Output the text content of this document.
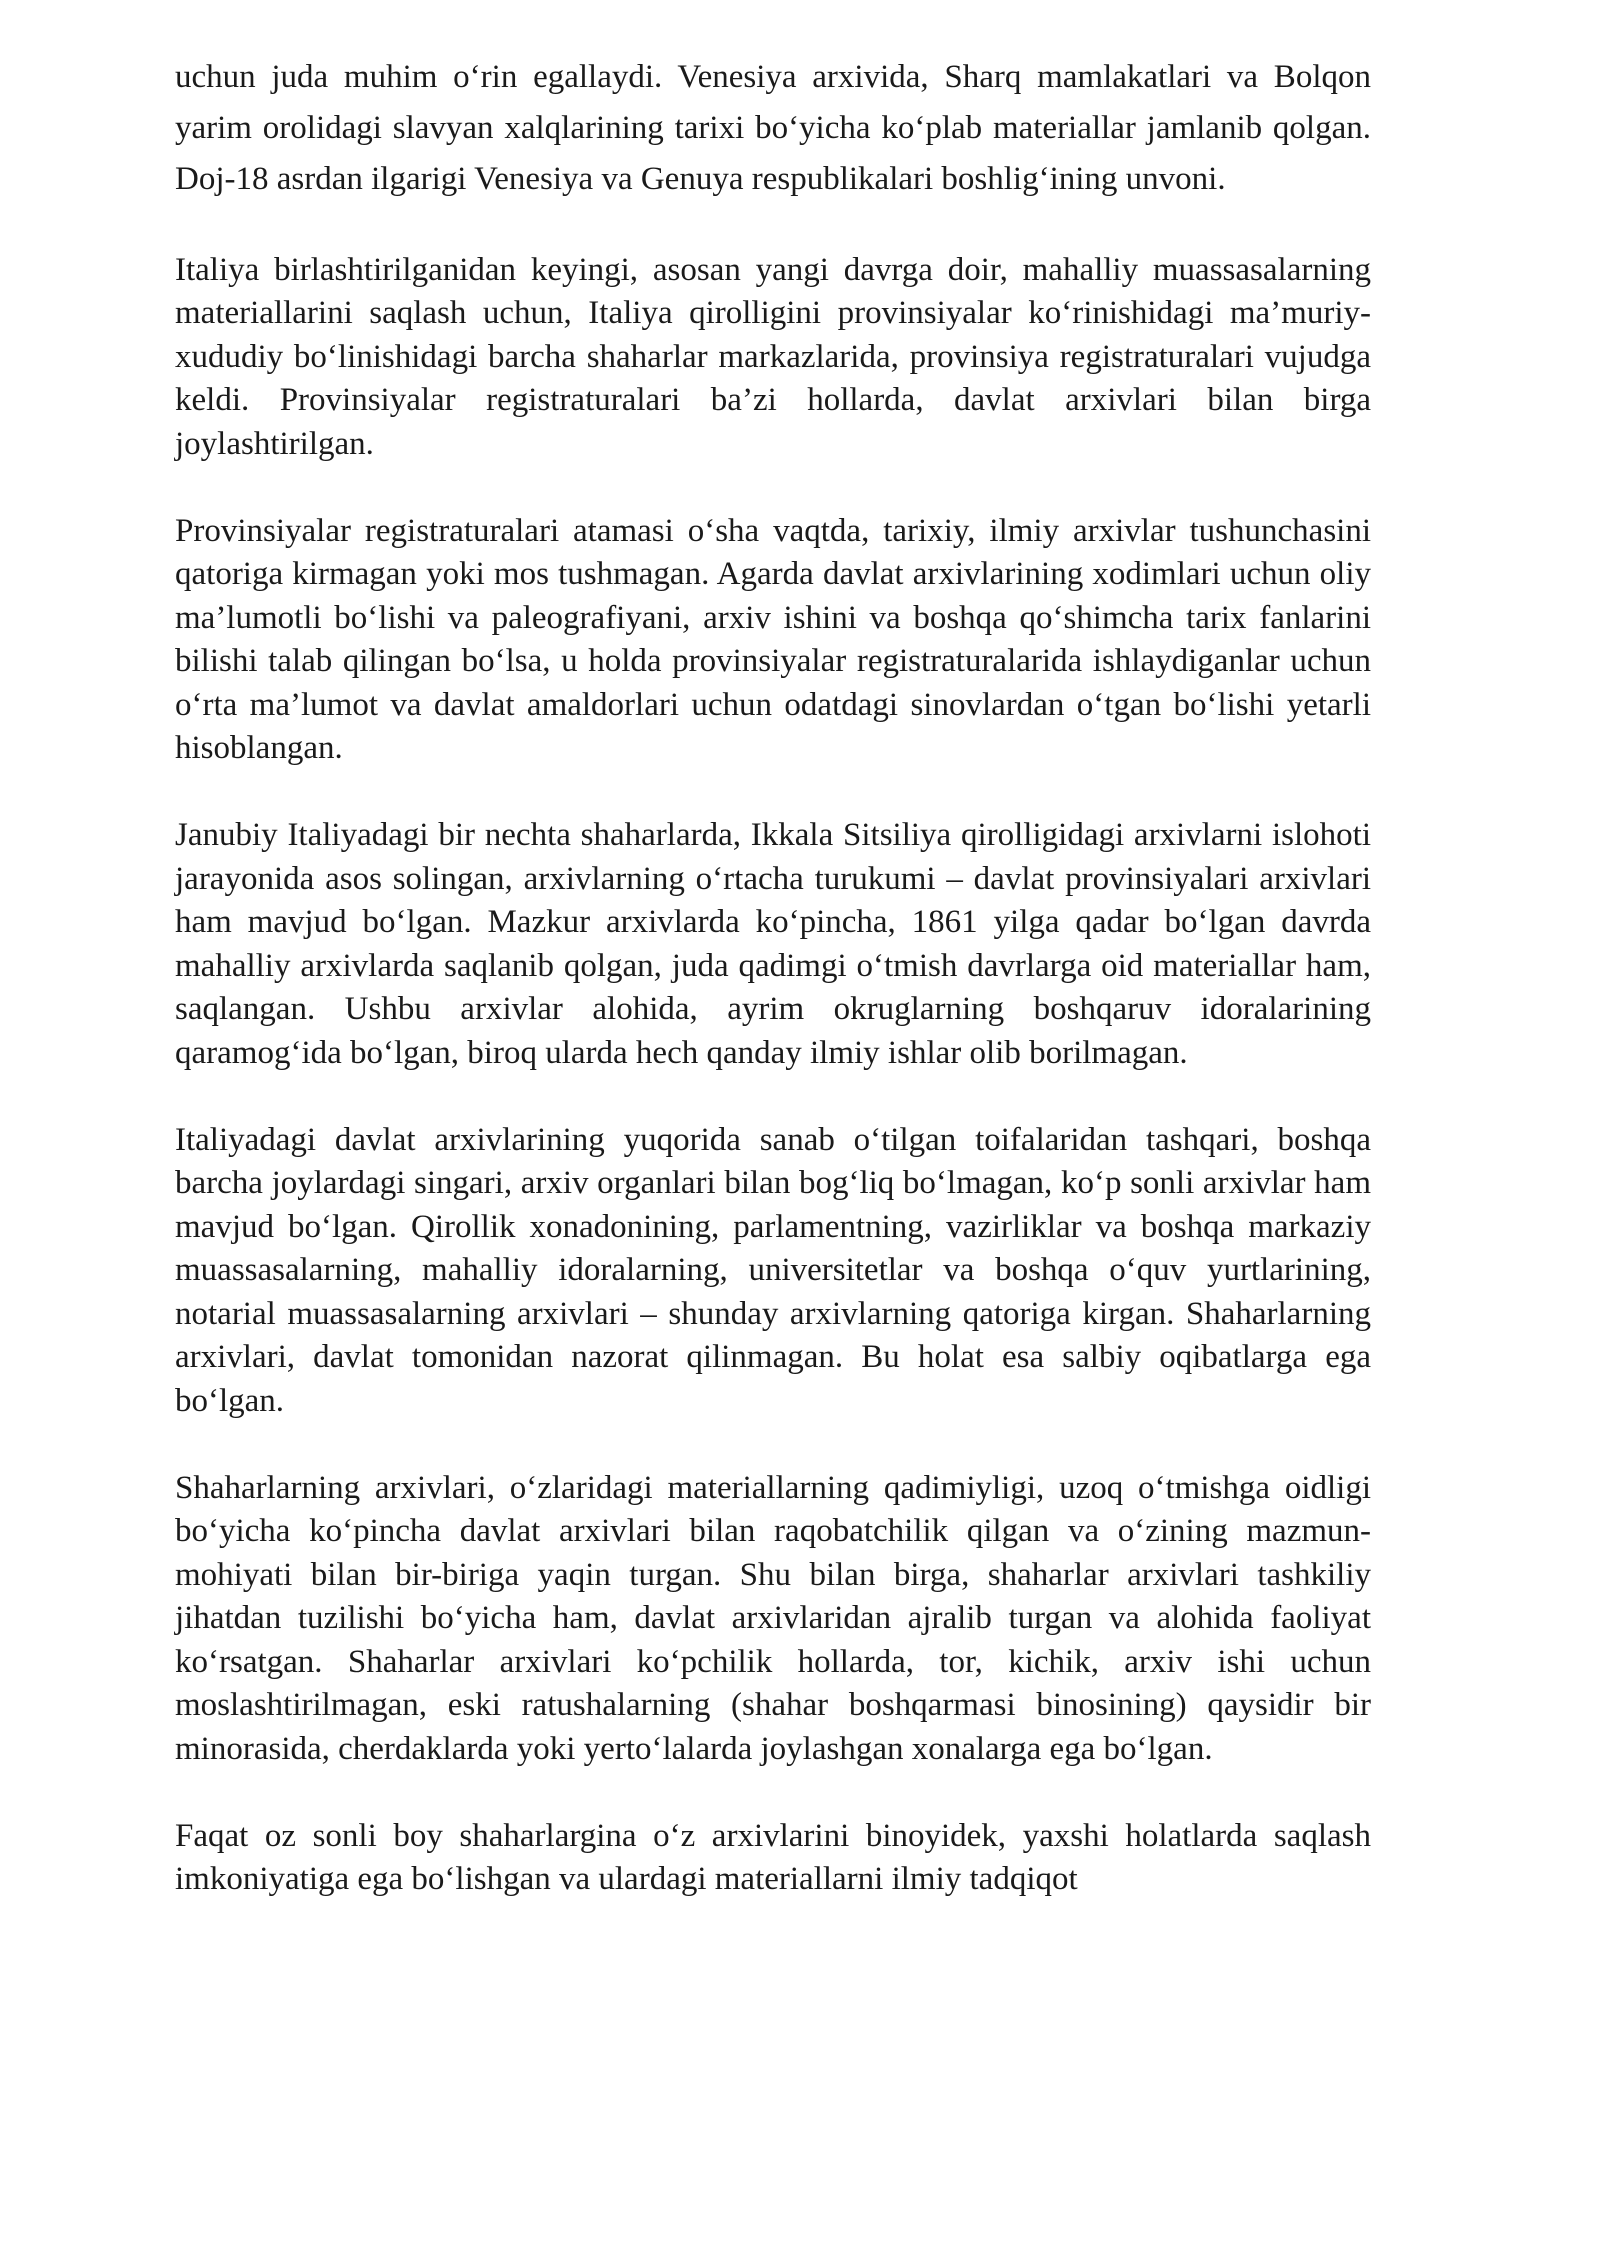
uchun juda muhim oʻrin egallaydi. Venesiya arxivida, Sharq mamlakatlari va Bolqon yarim orolidagi slavyan xalqlarining tarixi boʻyicha koʻplab materiallar jamlanib qolgan. Doj-18 asrdan ilgarigi Venesiya va Genuya respublikalari boshligʻining unvoni.

Italiya birlashtirilganidan keyingi, asosan yangi davrga doir, mahalliy muassasalarning materiallarini saqlash uchun, Italiya qirolligini provinsiyalar koʻrinishidagi ma’muriy-xududiy boʻlinishidagi barcha shaharlar markazlarida, provinsiya registraturalari vujudga keldi. Provinsiyalar registraturalari ba’zi hollarda, davlat arxivlari bilan birga joylashtirilgan.

Provinsiyalar registraturalari atamasi oʻsha vaqtda, tarixiy, ilmiy arxivlar tushunchasini qatoriga kirmagan yoki mos tushmagan. Agarda davlat arxivlarining xodimlari uchun oliy ma’lumotli boʻlishi va paleografiyani, arxiv ishini va boshqa qoʻshimcha tarix fanlarini bilishi talab qilingan boʻlsa, u holda provinsiyalar registraturalarida ishlaydiganlar uchun oʻrta ma’lumot va davlat amaldorlari uchun odatdagi sinovlardan oʻtgan boʻlishi yetarli hisoblangan.

Janubiy Italiyadagi bir nechta shaharlarda, Ikkala Sitsiliya qirolligidagi arxivlarni islohoti jarayonida asos solingan, arxivlarning oʻrtacha turukumi – davlat provinsiyalari arxivlari ham mavjud boʻlgan. Mazkur arxivlarda koʻpincha, 1861 yilga qadar boʻlgan davrda mahalliy arxivlarda saqlanib qolgan, juda qadimgi oʻtmish davrlarga oid materiallar ham, saqlangan. Ushbu arxivlar alohida, ayrim okruglarning boshqaruv idoralarining qaramogʻida boʻlgan, biroq ularda hech qanday ilmiy ishlar olib borilmagan.

Italiyadagi davlat arxivlarining yuqorida sanab oʻtilgan toifalaridan tashqari, boshqa barcha joylardagi singari, arxiv organlari bilan bogʻliq boʻlmagan, koʻp sonli arxivlar ham mavjud boʻlgan. Qirollik xonadonining, parlamentning, vazirliklar va boshqa markaziy muassasalarning, mahalliy idoralarning, universitetlar va boshqa oʻquv yurtlarining, notarial muassasalarning arxivlari – shunday arxivlarning qatoriga kirgan. Shaharlarning arxivlari, davlat tomonidan nazorat qilinmagan. Bu holat esa salbiy oqibatlarga ega boʻlgan.

Shaharlarning arxivlari, oʻzlaridagi materiallarning qadimiyligi, uzoq oʻtmishga oidligi boʻyicha koʻpincha davlat arxivlari bilan raqobatchilik qilgan va oʻzining mazmun-mohiyati bilan bir-biriga yaqin turgan. Shu bilan birga, shaharlar arxivlari tashkiliy jihatdan tuzilishi boʻyicha ham, davlat arxivlaridan ajralib turgan va alohida faoliyat koʻrsatgan. Shaharlar arxivlari koʻpchilik hollarda, tor, kichik, arxiv ishi uchun moslashtirilmagan, eski ratushalarning (shahar boshqarmasi binosining) qaysidir bir minorasida, cherdaklarda yoki yertoʻlalarda joylashgan xonalarga ega boʻlgan.

Faqat oz sonli boy shaharlargina oʻz arxivlarini binoyidek, yaxshi holatlarda saqlash imkoniyatiga ega boʻlishgan va ulardagi materiallarni ilmiy tadqiqot
